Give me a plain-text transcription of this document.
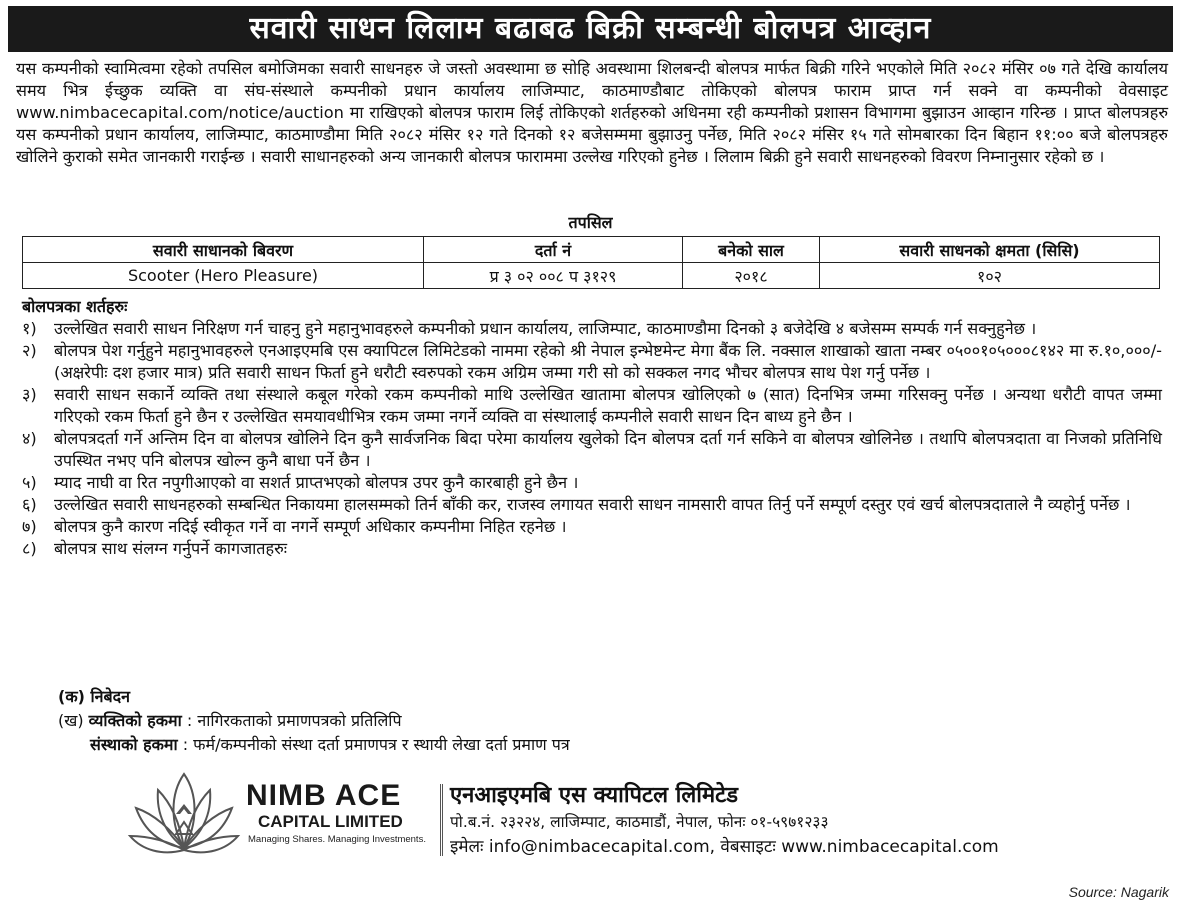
सवारी साधन लिलाम बढाबढ बिक्री सम्बन्धी बोलपत्र आव्हान

यस कम्पनीको स्वामित्वमा रहेको तपसिल बमोजिमका सवारी साधनहरु जे जस्तो अवस्थामा छ सोहि अवस्थामा शिलबन्दी बोलपत्र मार्फत बिक्री गरिने भएकोले मिति २०८२ मंसिर ०७ गते देखि कार्यालय समय भित्र ईच्छुक व्यक्ति वा संघ-संस्थाले कम्पनीको प्रधान कार्यालय लाजिम्पाट, काठमाण्डौबाट तोकिएको बोलपत्र फाराम प्राप्त गर्न सक्ने वा कम्पनीको वेवसाइट www.nimbacecapital.com/notice/auction मा राखिएको बोलपत्र फाराम लिई तोकिएको शर्तहरुको अधिनमा रही कम्पनीको प्रशासन विभागमा बुझाउन आव्हान गरिन्छ । प्राप्त बोलपत्रहरु यस कम्पनीको प्रधान कार्यालय, लाजिम्पाट, काठमाण्डौमा मिति २०८२ मंसिर १२ गते दिनको १२ बजेसम्ममा बुझाउनु पर्नेछ, मिति २०८२ मंसिर १५ गते सोमबारका दिन बिहान ११:०० बजे बोलपत्रहरु खोलिने कुराको समेत जानकारी गराईन्छ । सवारी साधानहरुको अन्य जानकारी बोलपत्र फाराममा उल्लेख गरिएको हुनेछ । लिलाम बिक्री हुने सवारी साधनहरुको विवरण निम्नानुसार रहेको छ ।

तपसिल
सवारी साधानको बिवरण	दर्ता नं	बनेको साल	सवारी साधनको क्षमता (सिसि)
Scooter (Hero Pleasure)	प्र ३ ०२ ००८ प ३१२९	२०१८	१०२
बोलपत्रका शर्तहरुः
१)	उल्लेखित सवारी साधन निरिक्षण गर्न चाहनु हुने महानुभावहरुले कम्पनीको प्रधान कार्यालय, लाजिम्पाट, काठमाण्डौमा दिनको ३ बजेदेखि ४ बजेसम्म सम्पर्क गर्न सक्नुहुनेछ ।
२)	बोलपत्र पेश गर्नुहुने महानुभावहरुले एनआइएमबि एस क्यापिटल लिमिटेडको नाममा रहेको श्री नेपाल इन्भेष्टमेन्ट मेगा बैंक लि. नक्साल शाखाको खाता नम्बर ०५००१०५०००८१४२ मा रु.१०,०००/- (अक्षरेपीः दश हजार मात्र) प्रति सवारी साधन फिर्ता हुने धरौटी स्वरुपको रकम अग्रिम जम्मा गरी सो को सक्कल नगद भौचर बोलपत्र साथ पेश गर्नु पर्नेछ ।
३)	सवारी साधन सकार्ने व्यक्ति तथा संस्थाले कबूल गरेको रकम कम्पनीको माथि उल्लेखित खातामा बोलपत्र खोलिएको ७ (सात) दिनभित्र जम्मा गरिसक्नु पर्नेछ । अन्यथा धरौटी वापत जम्मा गरिएको रकम फिर्ता हुने छैन र उल्लेखित समयावधीभित्र रकम जम्मा नगर्ने व्यक्ति वा संस्थालाई कम्पनीले सवारी साधन दिन बाध्य हुने छैन ।
४)	बोलपत्रदर्ता गर्ने अन्तिम दिन वा बोलपत्र खोलिने दिन कुनै सार्वजनिक बिदा परेमा कार्यालय खुलेको दिन बोलपत्र दर्ता गर्न सकिने वा बोलपत्र खोलिनेछ । तथापि बोलपत्रदाता वा निजको प्रतिनिधि उपस्थित नभए पनि बोलपत्र खोल्न कुनै बाधा पर्ने छैन ।
५)	म्याद नाघी वा रित नपुगीआएको वा सशर्त प्राप्तभएको बोलपत्र उपर कुनै कारबाही हुने छैन ।
६)	उल्लेखित सवारी साधनहरुको सम्बन्धित निकायमा हालसम्मको तिर्न बाँकी कर, राजस्व लगायत सवारी साधन नामसारी वापत तिर्नु पर्ने सम्पूर्ण दस्तुर एवं खर्च बोलपत्रदाताले नै व्यहोर्नु पर्नेछ ।
७)	बोलपत्र कुनै कारण नदिई स्वीकृत गर्ने वा नगर्ने सम्पूर्ण अधिकार कम्पनीमा निहित रहनेछ ।
८)	बोलपत्र साथ संलग्न गर्नुपर्ने कागजातहरुः
(क) निबेदन
(ख) व्यक्तिको हकमा : नागिरकताको प्रमाणपत्रको प्रतिलिपि
संस्थाको हकमा : फर्म/कम्पनीको संस्था दर्ता प्रमाणपत्र र स्थायी लेखा दर्ता प्रमाण पत्र
NIMB ACE
CAPITAL LIMITED
Managing Shares. Managing Investments.
एनआइएमबि एस क्यापिटल लिमिटेड
पो.ब.नं. २३२२४, लाजिम्पाट, काठमाडौं, नेपाल, फोनः ०१-५९७१२३३
इमेलः info@nimbacecapital.com, वेबसाइटः www.nimbacecapital.com
Source: Nagarik
